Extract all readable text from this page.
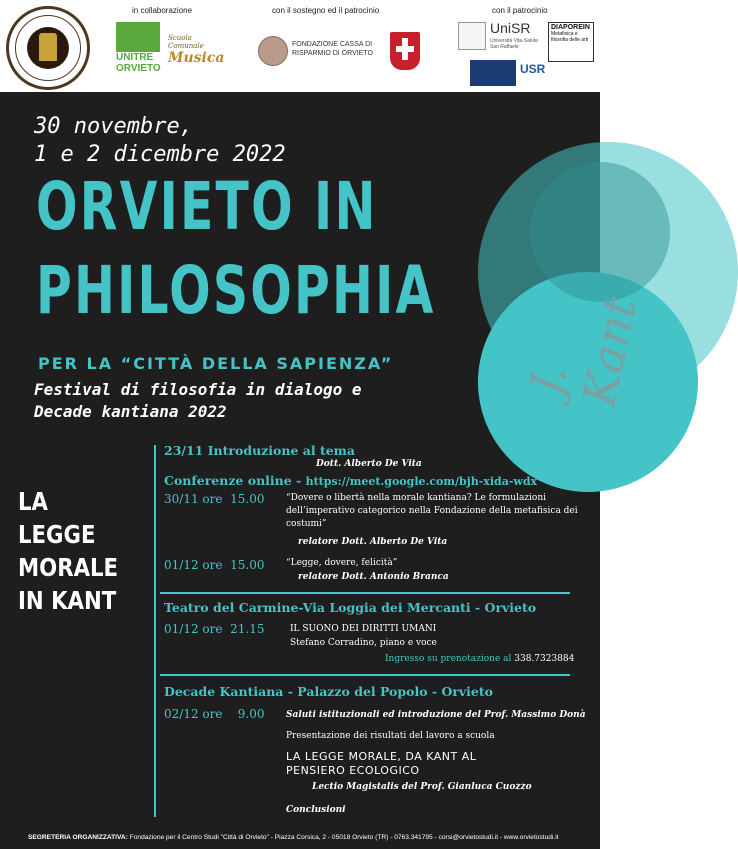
in collaborazione
UNITRE
ORVIETO
Scuola Comunale
Musica
con il sostegno ed il patrocinio
FONDAZIONE CASSA DI RISPARMIO DI ORVIETO
con il patrocinio
UniSR
Università Vita-Salute San Raffaele
DIAPOREIN
Metafisica e filosofia delle arti
USR
J. Kant
30 novembre,
1 e 2 dicembre 2022
ORVIETO IN
PHILOSOPHIA
PER LA “CITTÀ DELLA SAPIENZA”
Festival di filosofia in dialogo e
Decade kantiana 2022
LA
LEGGE
MORALE
IN KANT
23/11 Introduzione al tema
Dott. Alberto De Vita
Conferenze online - https://meet.google.com/bjh-xida-wdx
30/11 ore 15.00 “Dovere o libertà nella morale kantiana? Le formulazioni dell’imperativo categorico nella Fondazione della metafisica dei costumi”
relatore Dott. Alberto De Vita
01/12 ore 15.00 “Legge, dovere, felicità”
relatore Dott. Antonio Branca
Teatro del Carmine-Via Loggia dei Mercanti - Orvieto
01/12 ore 21.15	IL SUONO DEI DIRITTI UMANI
Stefano Corradino, piano e voce
Ingresso su prenotazione al 338.7323884
Decade Kantiana - Palazzo del Popolo - Orvieto
02/12 ore 9.00 Saluti istituzionali ed introduzione del Prof. Massimo Donà
Presentazione dei risultati del lavoro a scuola
LA LEGGE MORALE, DA KANT AL
PENSIERO ECOLOGICO
Lectio Magistalis del Prof. Gianluca Cuozzo
Conclusioni
SEGRETERIA ORGANIZZATIVA: Fondazione per il Centro Studi "Città di Orvieto" - Piazza Corsica, 2 - 05018 Orvieto (TR) - 0763.341795 - corsi@orvietostudi.it - www.orvietostudi.it
